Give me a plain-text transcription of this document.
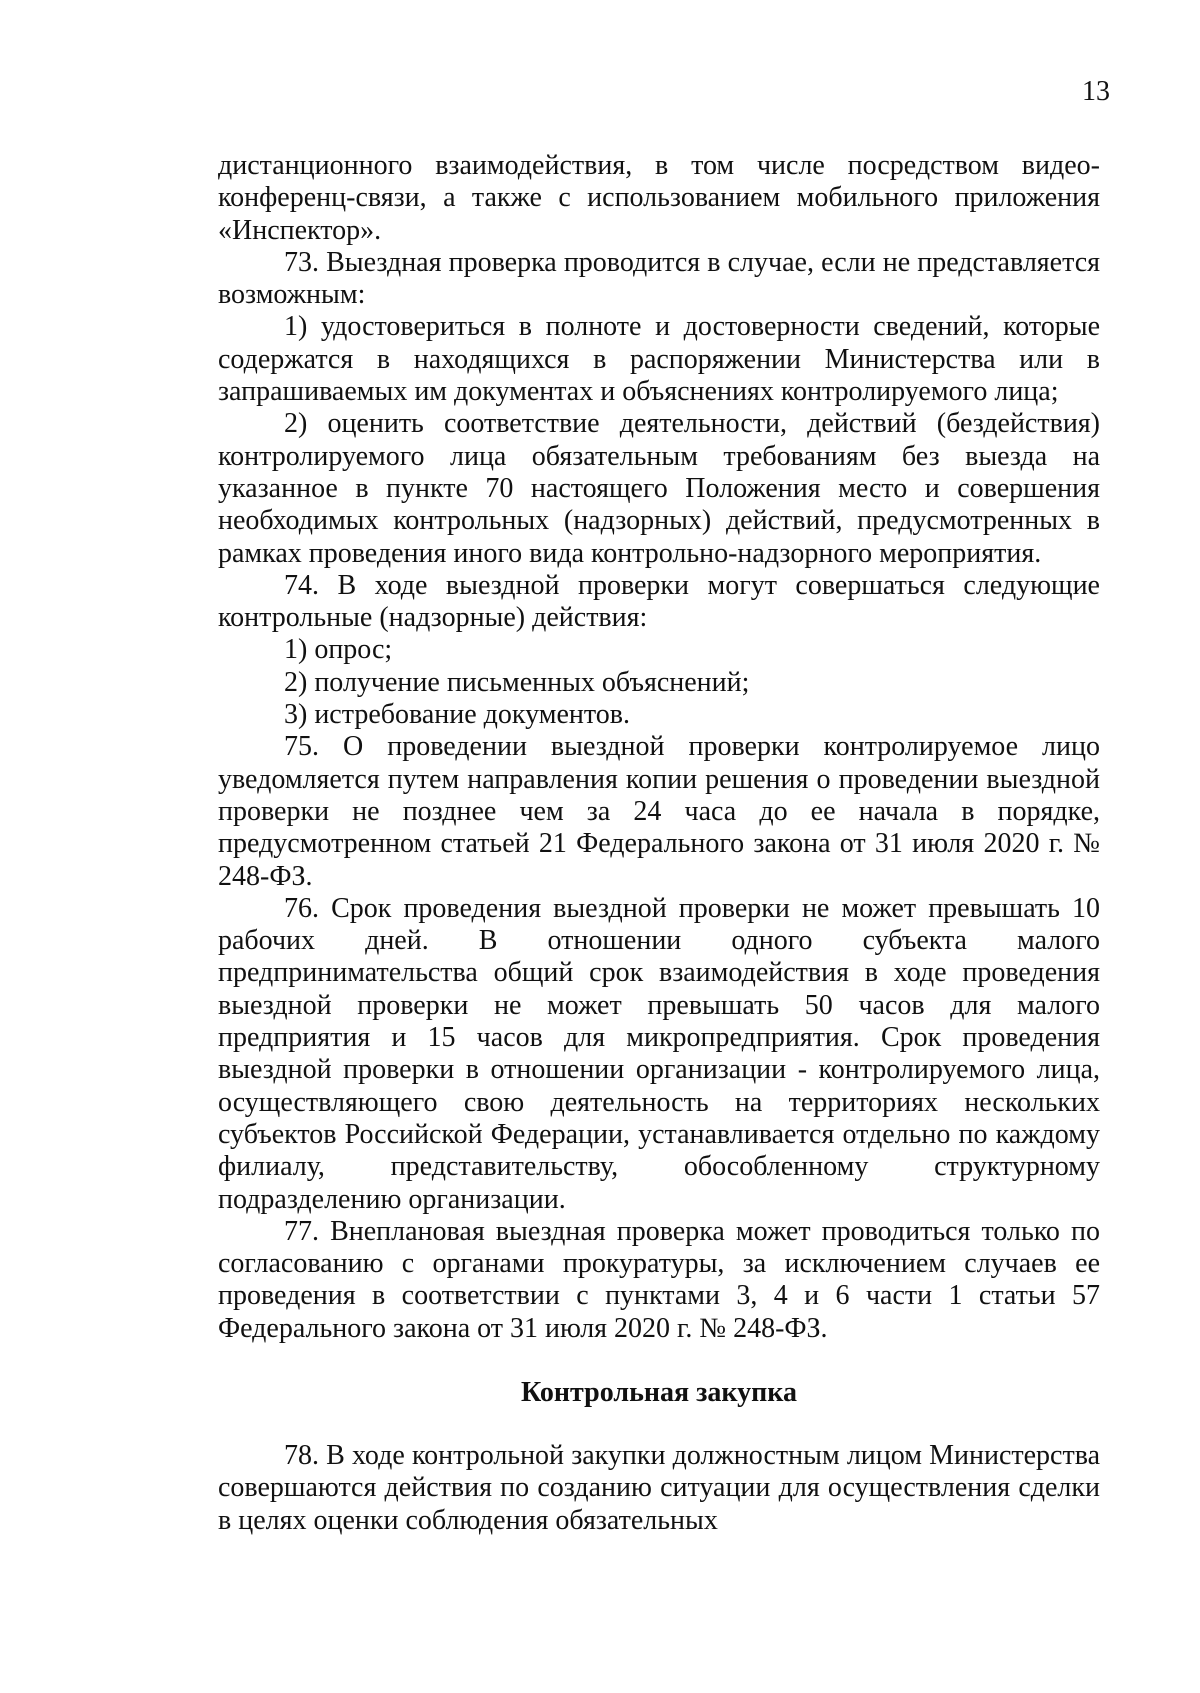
13

дистанционного взаимодействия, в том числе посредством видео-конференц-связи, а также с использованием мобильного приложения «Инспектор».

73. Выездная проверка проводится в случае, если не представляется возможным:

1) удостовериться в полноте и достоверности сведений, которые содержатся в находящихся в распоряжении Министерства или в запрашиваемых им документах и объяснениях контролируемого лица;

2) оценить соответствие деятельности, действий (бездействия) контролируемого лица обязательным требованиям без выезда на указанное в пункте 70 настоящего Положения место и совершения необходимых контрольных (надзорных) действий, предусмотренных в рамках проведения иного вида контрольно-надзорного мероприятия.

74. В ходе выездной проверки могут совершаться следующие контрольные (надзорные) действия:

1) опрос;

2) получение письменных объяснений;

3) истребование документов.

75. О проведении выездной проверки контролируемое лицо уведомляется путем направления копии решения о проведении выездной проверки не позднее чем за 24 часа до ее начала в порядке, предусмотренном статьей 21 Федерального закона от 31 июля 2020 г. № 248-ФЗ.

76. Срок проведения выездной проверки не может превышать 10 рабочих дней. В отношении одного субъекта малого предпринимательства общий срок взаимодействия в ходе проведения выездной проверки не может превышать 50 часов для малого предприятия и 15 часов для микропредприятия. Срок проведения выездной проверки в отношении организации - контролируемого лица, осуществляющего свою деятельность на территориях нескольких субъектов Российской Федерации, устанавливается отдельно по каждому филиалу, представительству, обособленному структурному подразделению организации.

77. Внеплановая выездная проверка может проводиться только по согласованию с органами прокуратуры, за исключением случаев ее проведения в соответствии с пунктами 3, 4 и 6 части 1 статьи 57 Федерального закона от 31 июля 2020 г. № 248-ФЗ.

Контрольная закупка

78. В ходе контрольной закупки должностным лицом Министерства совершаются действия по созданию ситуации для осуществления сделки в целях оценки соблюдения обязательных
